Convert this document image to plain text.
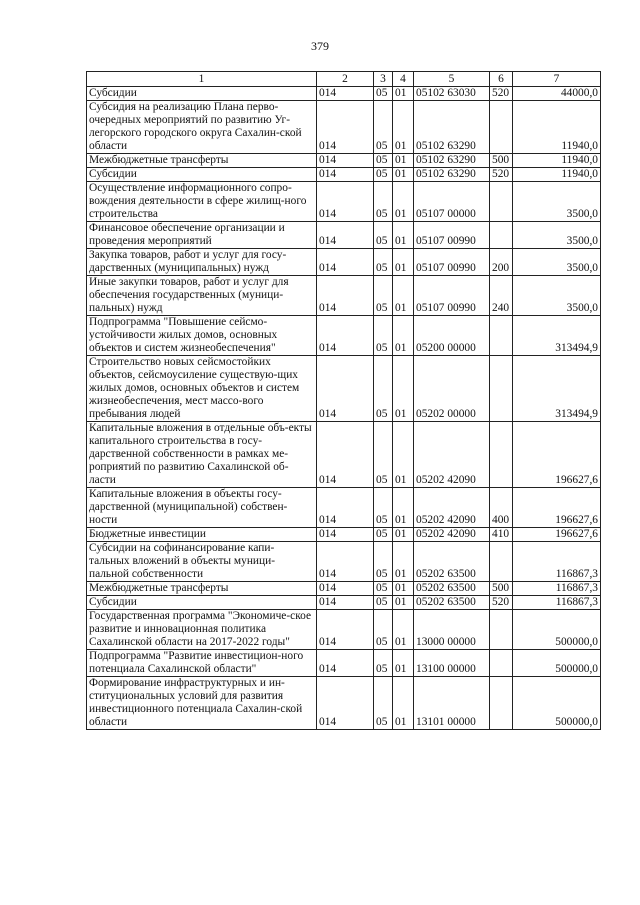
379
1	2	3	4	5	6	7
Субсидии	014	05	01	05102 63030	520	44000,0
Субсидия на реализацию Плана перво-очередных мероприятий по развитию Уг-легорского городского округа Сахалин-ской области	014	05	01	05102 63290		11940,0
Межбюджетные трансферты	014	05	01	05102 63290	500	11940,0
Субсидии	014	05	01	05102 63290	520	11940,0
Осуществление информационного сопро-вождения деятельности в сфере жилищ-ного строительства	014	05	01	05107 00000		3500,0
Финансовое обеспечение организации и проведения мероприятий	014	05	01	05107 00990		3500,0
Закупка товаров, работ и услуг для госу-дарственных (муниципальных) нужд	014	05	01	05107 00990	200	3500,0
Иные закупки товаров, работ и услуг для обеспечения государственных (муници-пальных) нужд	014	05	01	05107 00990	240	3500,0
Подпрограмма "Повышение сейсмо-устойчивости жилых домов, основных объектов и систем жизнеобеспечения"	014	05	01	05200 00000		313494,9
Строительство новых сейсмостойких объектов, сейсмоусиление существую-щих жилых домов, основных объектов и систем жизнеобеспечения, мест массо-вого пребывания людей	014	05	01	05202 00000		313494,9
Капитальные вложения в отдельные объ-екты капитального строительства в госу-дарственной собственности в рамках ме-роприятий по развитию Сахалинской об-ласти	014	05	01	05202 42090		196627,6
Капитальные вложения в объекты госу-дарственной (муниципальной) собствен-ности	014	05	01	05202 42090	400	196627,6
Бюджетные инвестиции	014	05	01	05202 42090	410	196627,6
Субсидии на софинансирование капи-тальных вложений в объекты муници-пальной собственности	014	05	01	05202 63500		116867,3
Межбюджетные трансферты	014	05	01	05202 63500	500	116867,3
Субсидии	014	05	01	05202 63500	520	116867,3
Государственная программа "Экономиче-ское развитие и инновационная политика Сахалинской области на 2017-2022 годы"	014	05	01	13000 00000		500000,0
Подпрограмма "Развитие инвестицион-ного потенциала Сахалинской области"	014	05	01	13100 00000		500000,0
Формирование инфраструктурных и ин-ституциональных условий для развития инвестиционного потенциала Сахалин-ской области	014	05	01	13101 00000		500000,0
